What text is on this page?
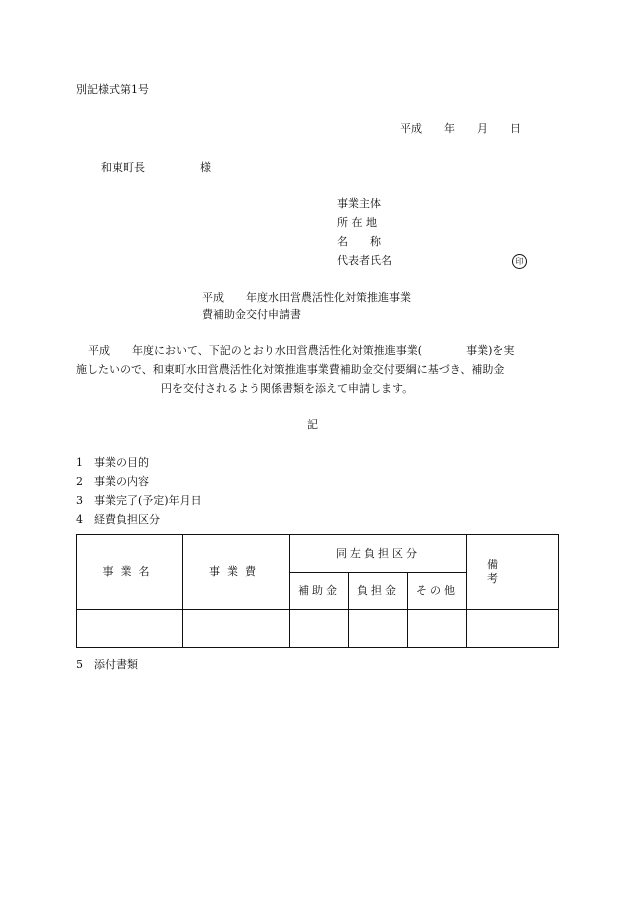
別記様式第1号
平成　　年　　月　　日
和東町長　　　　　様
事業主体
所 在 地
名　　称
代表者氏名	印
平成　　年度水田営農活性化対策推進事業
費補助金交付申請書
平成　　年度において、下記のとおり水田営農活性化対策推進事業(　　　　事業)を実
施したいので、和東町水田営農活性化対策推進事業費補助金交付要綱に基づき、補助金
円を交付されるよう関係書類を添えて申請します。
記
1　 事業の目的
2　 事業の内容
3　 事業完了(予定)年月日
4　 経費負担区分
事業名	事業費	同左負担区分			備考
		補助金	負担金	その他	

5　 添付書類
